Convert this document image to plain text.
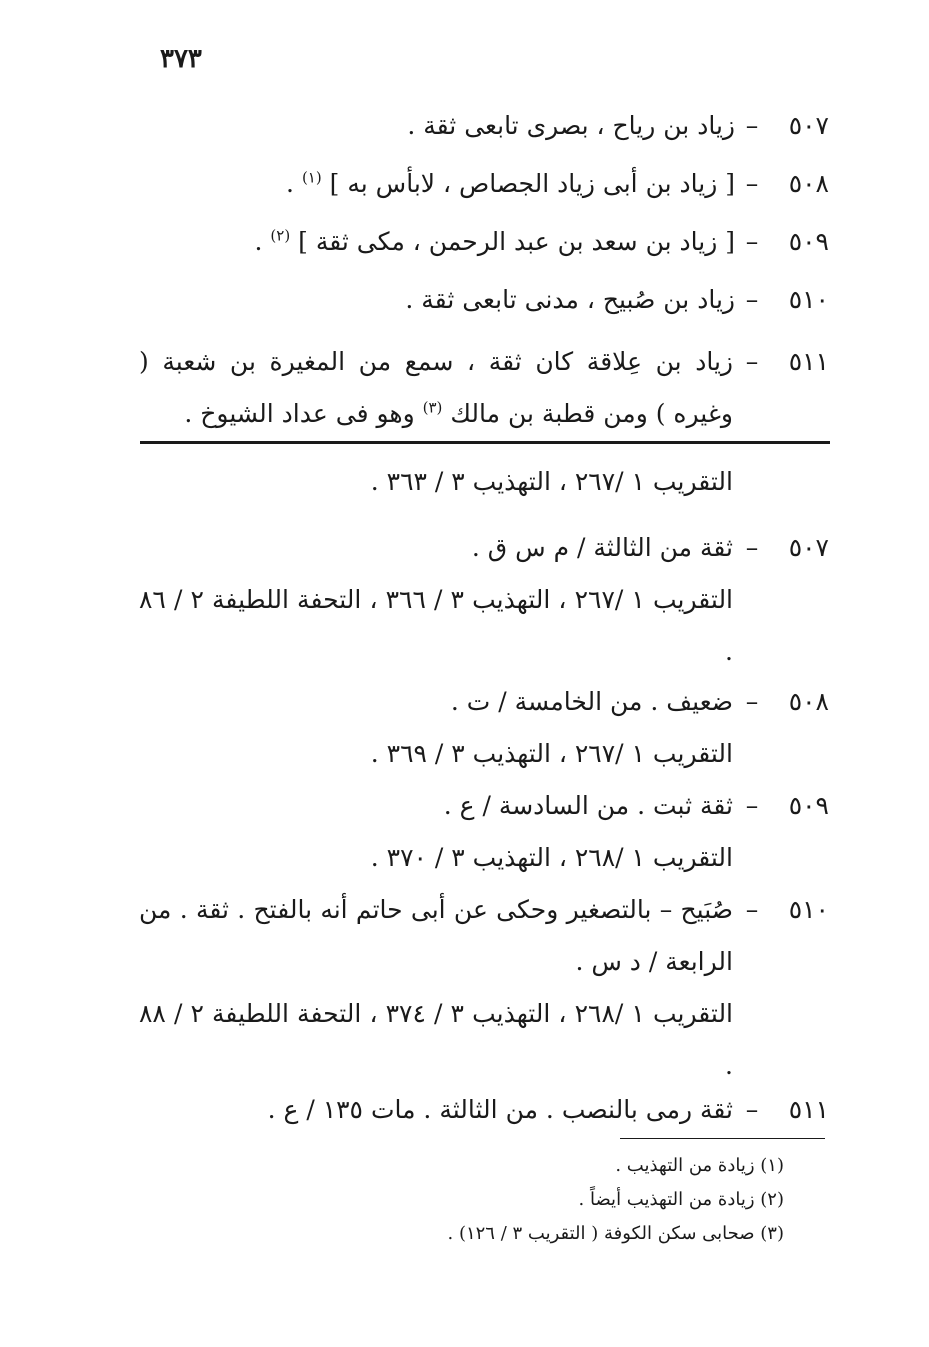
٣٧٣
٥٠٧–زياد بن رياح ، بصرى تابعى ثقة .
٥٠٨–[ زياد بن أبى زياد الجصاص ، لابأس به ] $^{(١)}$ .
٥٠٩–[ زياد بن سعد بن عبد الرحمن ، مكى ثقة ] $^{(٢)}$ .
٥١٠–زياد بن صُبيح ، مدنى تابعى ثقة .
٥١١
–
زياد بن عِلاقة كان ثقة ، سمع من المغيرة بن شعبة ( وغيره ) ومن قطبة بن مالك $^{(٣)}$ وهو فى عداد الشيوخ .
التقريب ١ /٢٦٧ ، التهذيب ٣ / ٣٦٣ .
٥٠٧
–
ثقة من الثالثة / م س ق .
التقريب ١ /٢٦٧ ، التهذيب ٣ / ٣٦٦ ، التحفة اللطيفة ٢ / ٨٦ .
٥٠٨
–
ضعيف . من الخامسة / ت .
التقريب ١ /٢٦٧ ، التهذيب ٣ / ٣٦٩ .
٥٠٩
–
ثقة ثبت . من السادسة / ع .
التقريب ١ /٢٦٨ ، التهذيب ٣ / ٣٧٠ .
٥١٠
–
صُبَيح – بالتصغير وحكى عن أبى حاتم أنه بالفتح . ثقة . من الرابعة / د س .
التقريب ١ /٢٦٨ ، التهذيب ٣ / ٣٧٤ ، التحفة اللطيفة ٢ / ٨٨ .
٥١١
–
ثقة رمى بالنصب . من الثالثة . مات ١٣٥ / ع .
(١) زيادة من التهذيب .
(٢) زيادة من التهذيب أيضاً .
(٣) صحابى سكن الكوفة ( التقريب ٣ / ١٢٦) .
